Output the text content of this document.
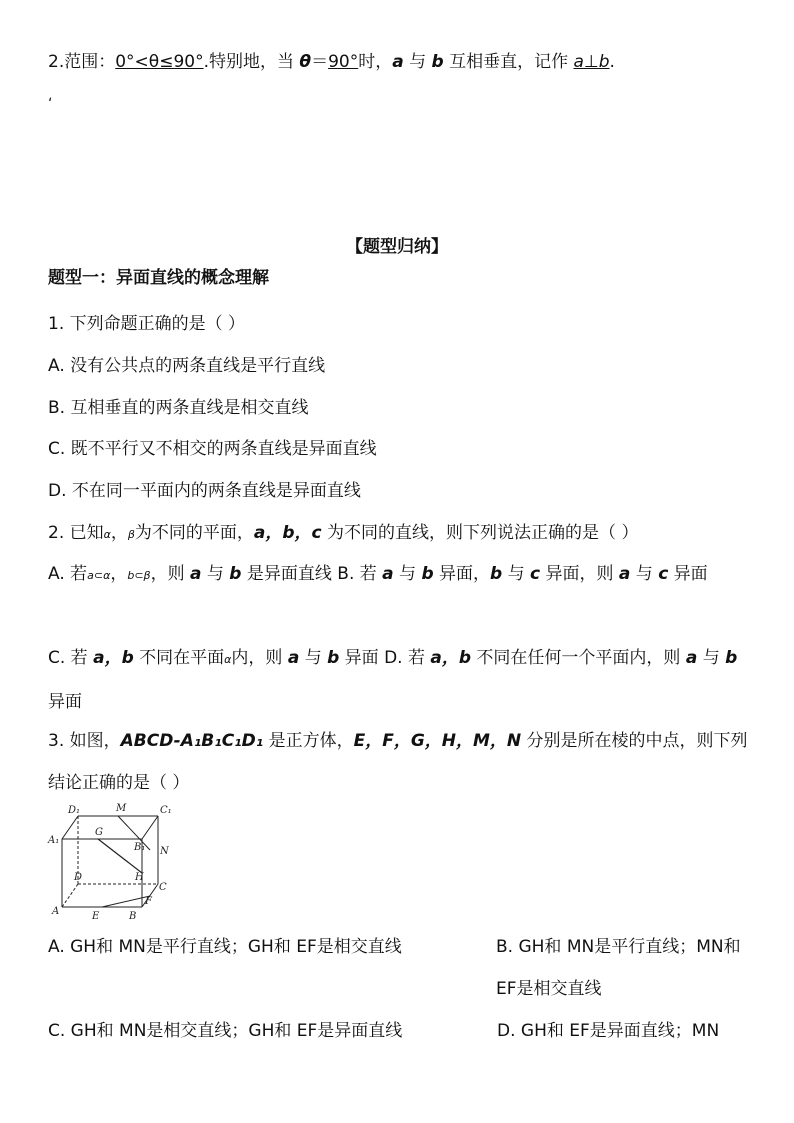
2.范围：0°<θ≤90°.特别地，当 θ＝90°时，a 与 b 互相垂直，记作 a⊥b.
‘
【题型归纳】
题型一：异面直线的概念理解
1. 下列命题正确的是（ ）
A. 没有公共点的两条直线是平行直线
B. 互相垂直的两条直线是相交直线
C. 既不平行又不相交的两条直线是异面直线
D. 不在同一平面内的两条直线是异面直线
2. 已知α，β为不同的平面，a，b，c 为不同的直线，则下列说法正确的是（ ）
A. 若a⊂α，b⊂β，则 a 与 b 是异面直线 B. 若 a 与 b 异面，b 与 c 异面，则 a 与 c 异面
C. 若 a，b 不同在平面α内，则 a 与 b 异面 D. 若 a，b 不同在任何一个平面内，则 a 与 b 异面
3. 如图，ABCD-A₁B₁C₁D₁ 是正方体，E，F，G，H，M，N 分别是所在棱的中点，则下列结论正确的是（ ）
D₁	M	C₁
A₁
G
B₁ N
D	H
C
F
A	E	B
A. GH和 MN是平行直线；GH和 EF是相交直线	B. GH和 MN是平行直线；MN和 EF是相交直线
C. GH和 MN是相交直线；GH和 EF是异面直线	D. GH和 EF是异面直线；MN
